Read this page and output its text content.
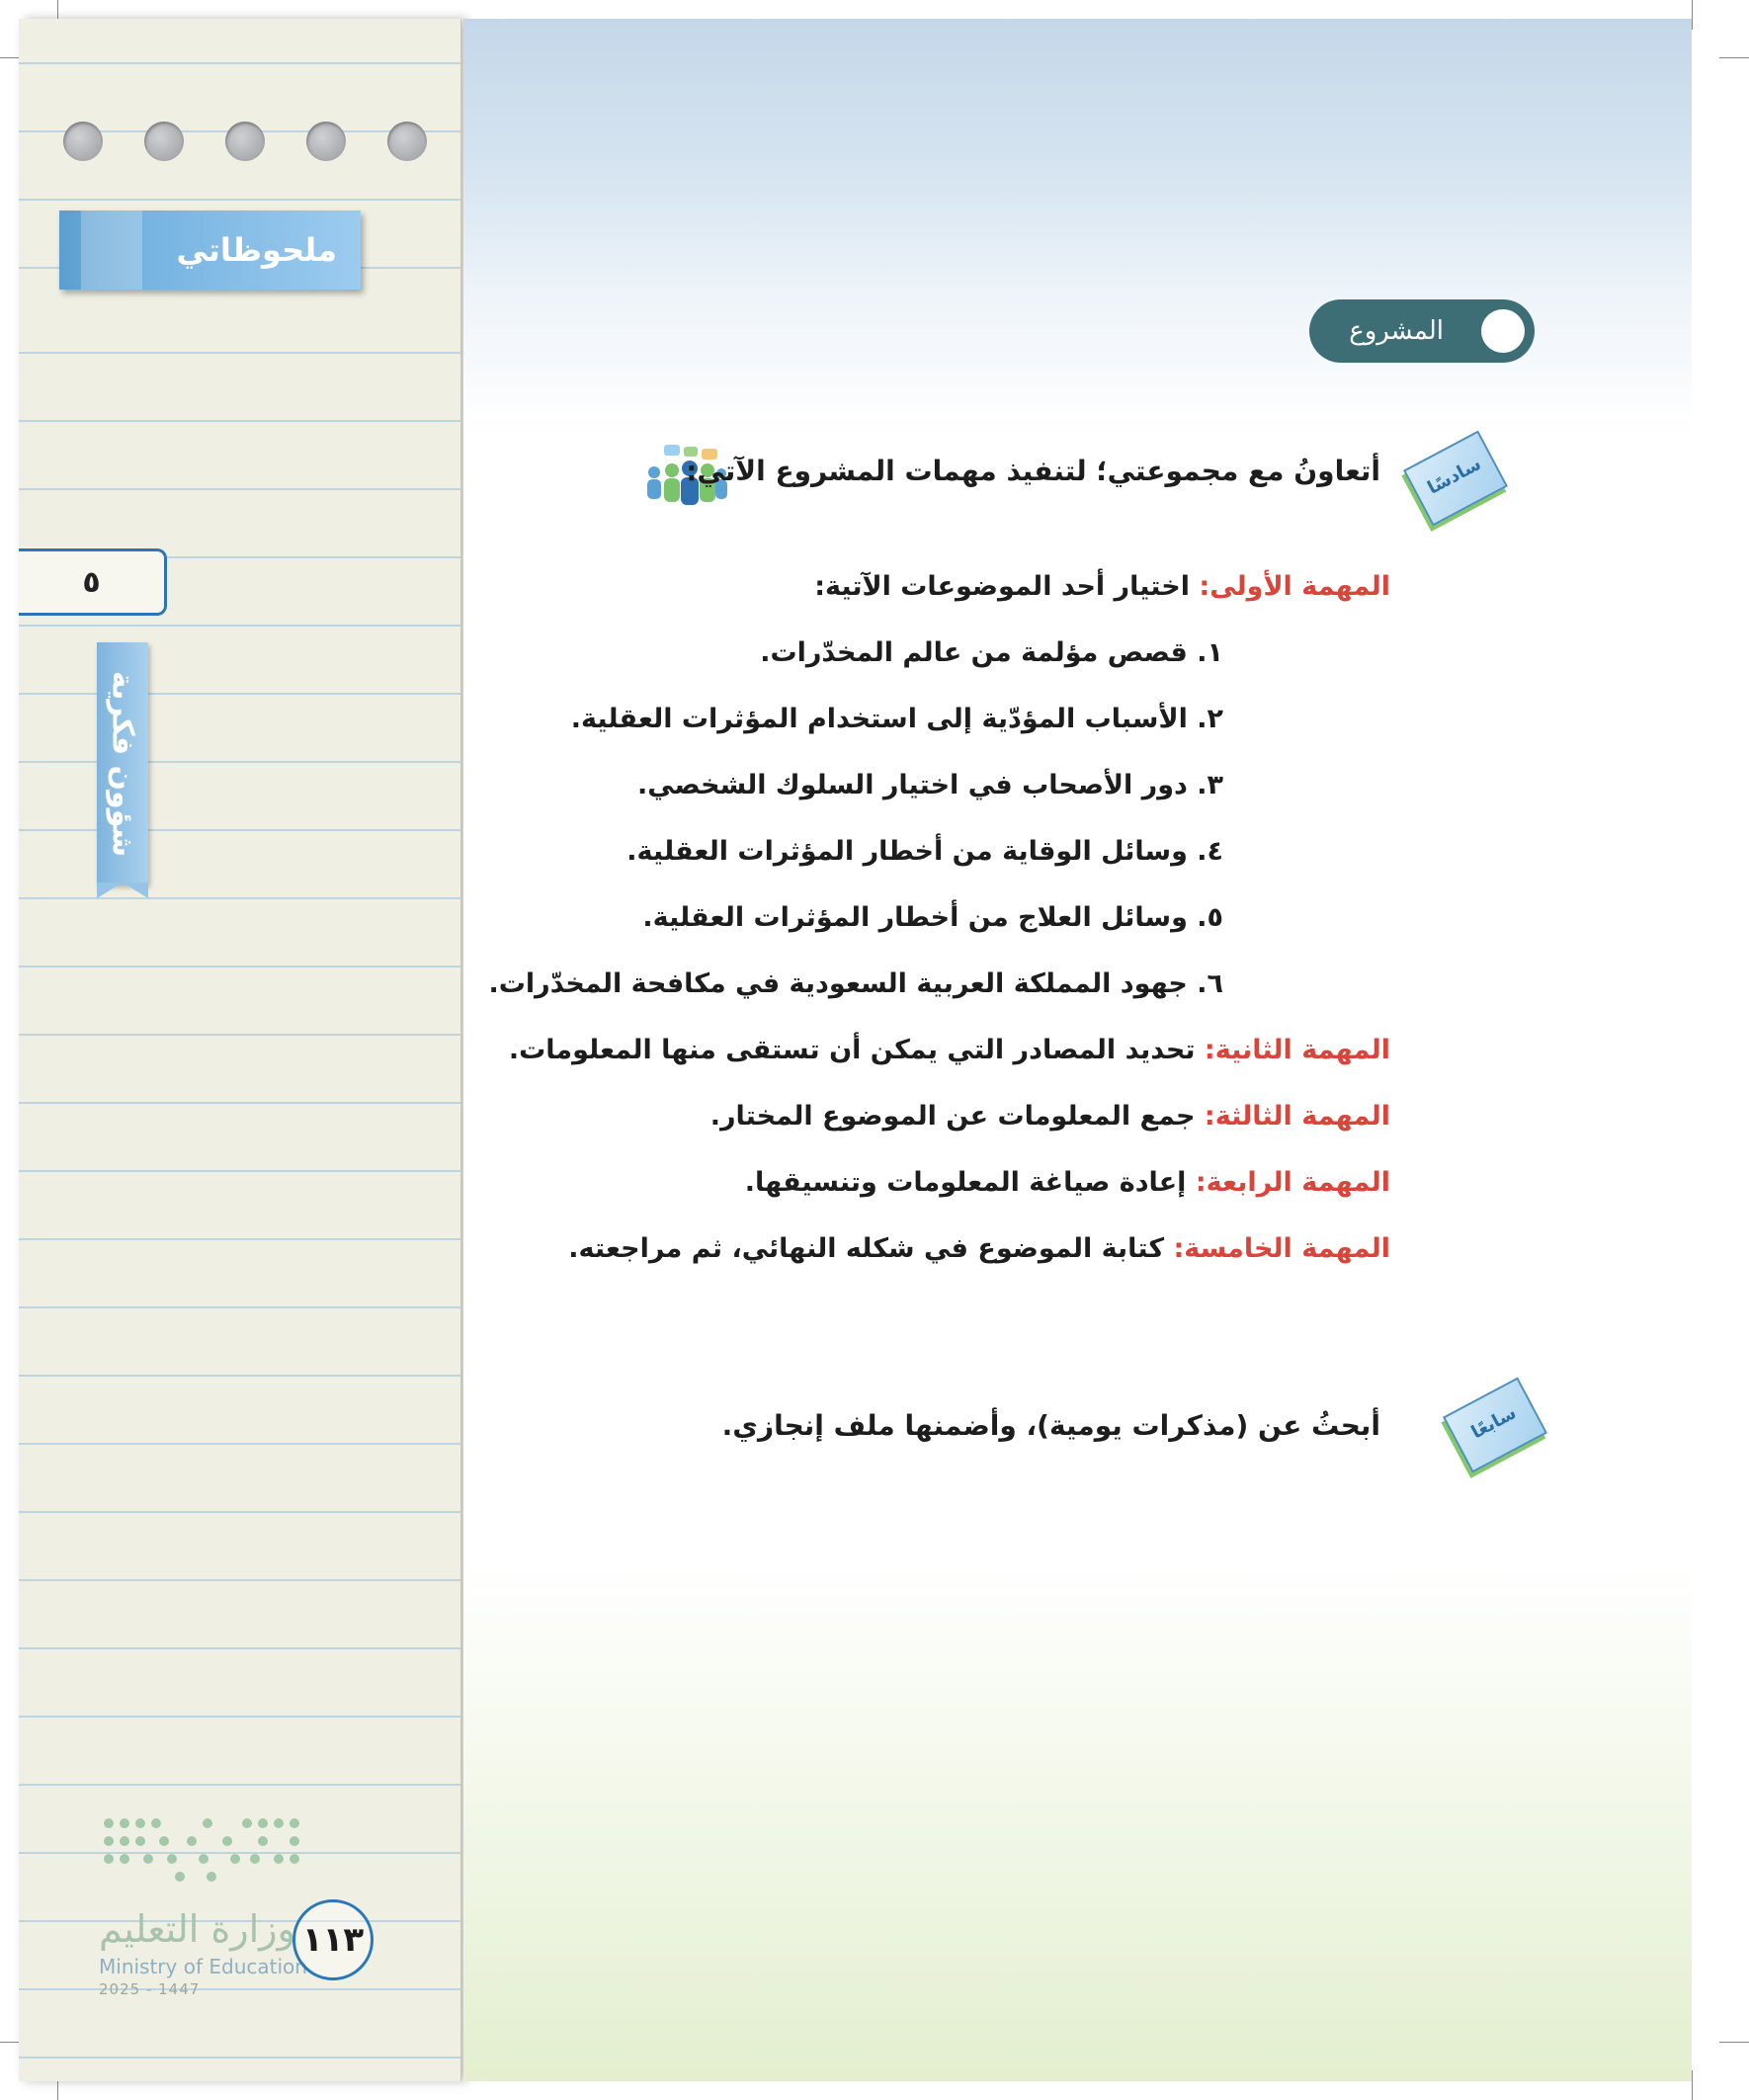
ملحوظاتي
٥
شؤون فكرية
وزارة التعليم
Ministry of Education
2025 - 1447
١١٣
المشروع
سادسًا
أتعاونُ مع مجموعتي؛ لتنفيذ مهمات المشروع الآتي:
المهمة الأولى: اختيار أحد الموضوعات الآتية:
١. قصص مؤلمة من عالم المخدّرات.
٢. الأسباب المؤدّية إلى استخدام المؤثرات العقلية.
٣. دور الأصحاب في اختيار السلوك الشخصي.
٤. وسائل الوقاية من أخطار المؤثرات العقلية.
٥. وسائل العلاج من أخطار المؤثرات العقلية.
٦. جهود المملكة العربية السعودية في مكافحة المخدّرات.
المهمة الثانية: تحديد المصادر التي يمكن أن تستقى منها المعلومات.
المهمة الثالثة: جمع المعلومات عن الموضوع المختار.
المهمة الرابعة: إعادة صياغة المعلومات وتنسيقها.
المهمة الخامسة: كتابة الموضوع في شكله النهائي، ثم مراجعته.
سابعًا
أبحثُ عن (مذكرات يومية)، وأضمنها ملف إنجازي.
